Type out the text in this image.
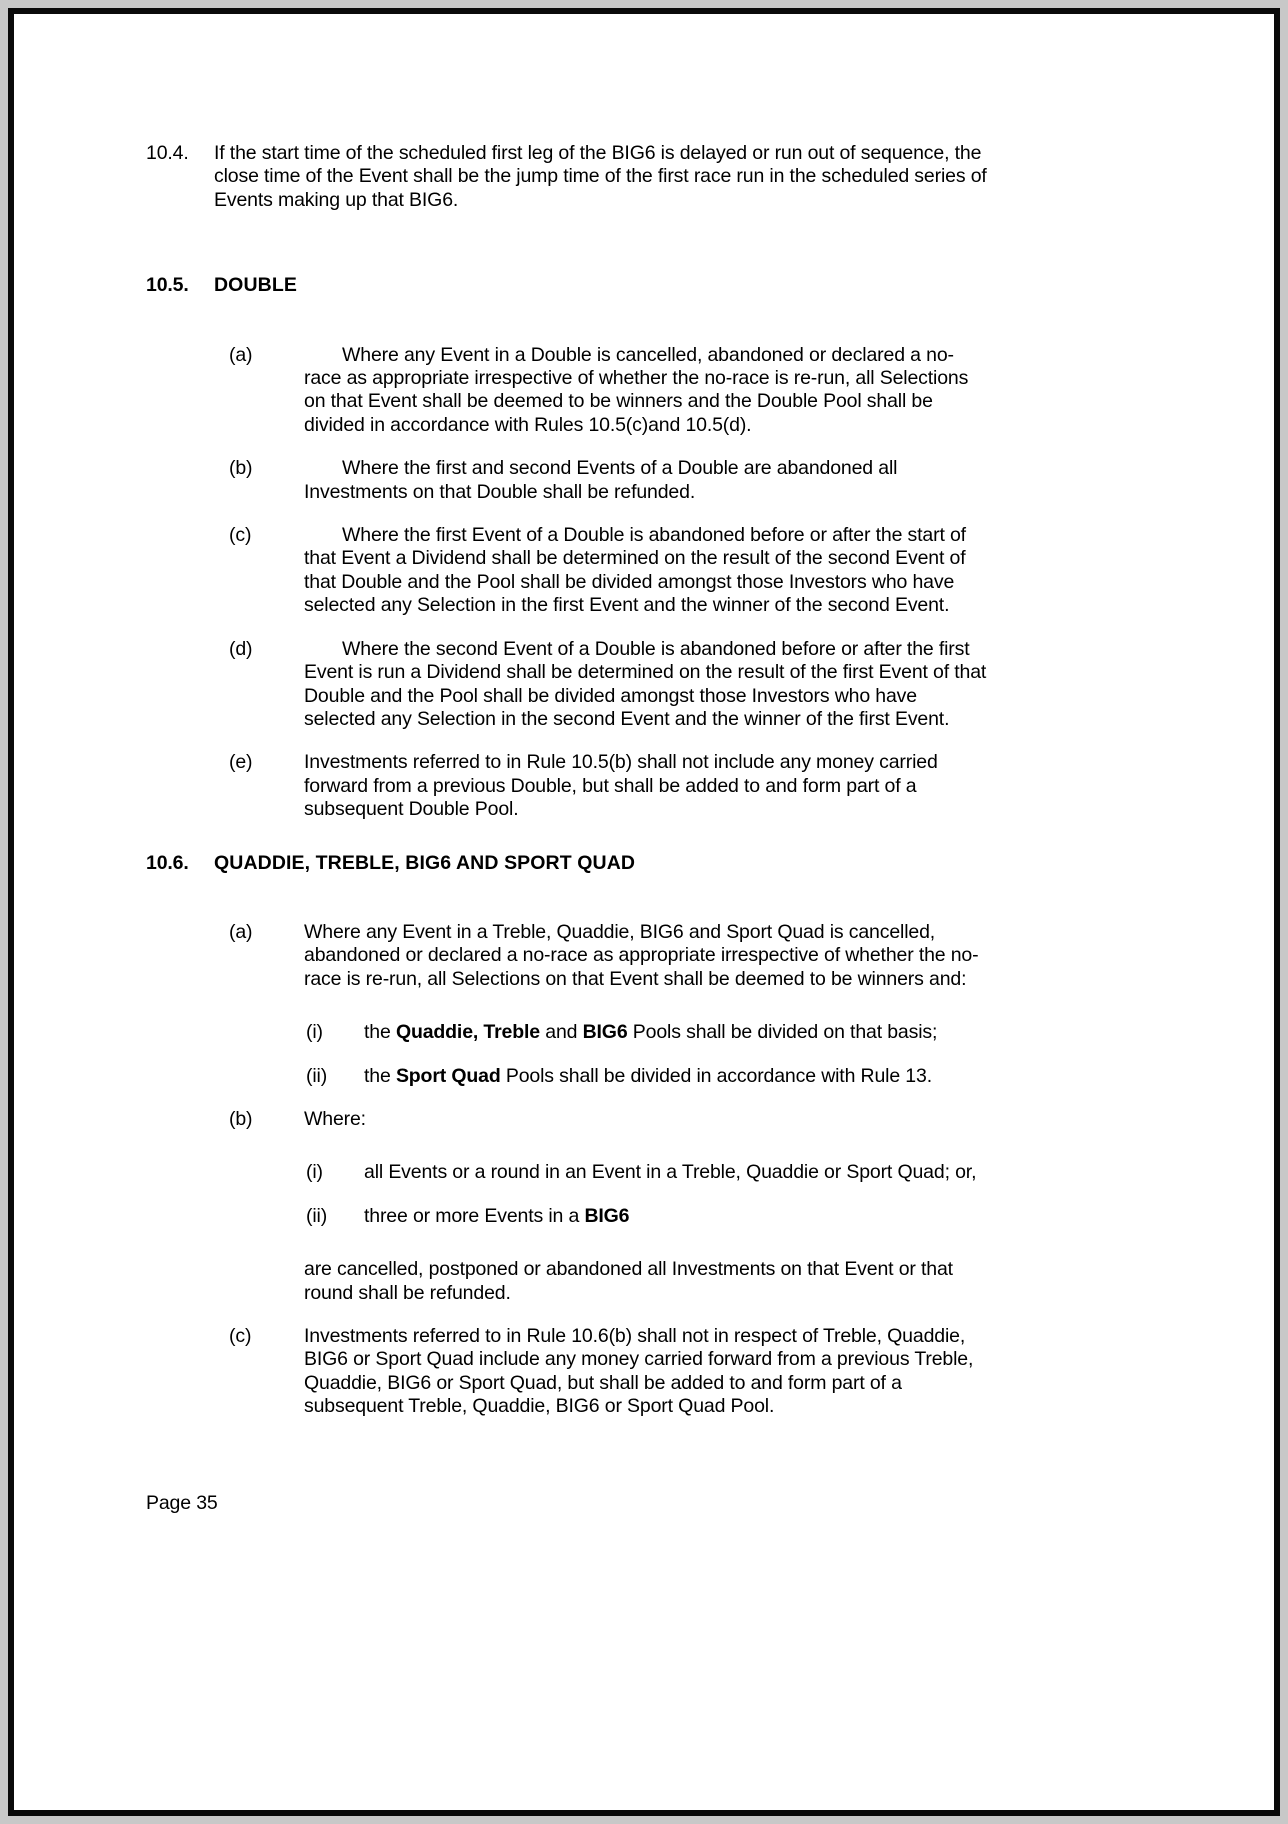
10.4.	If the start time of the scheduled first leg of the BIG6 is delayed or run out of sequence, the close time of the Event shall be the jump time of the first race run in the scheduled series of Events making up that BIG6.
10.5.	DOUBLE
(a)	Where any Event in a Double is cancelled, abandoned or declared a no-race as appropriate irrespective of whether the no-race is re-run, all Selections on that Event shall be deemed to be winners and the Double Pool shall be divided in accordance with Rules 10.5(c)and 10.5(d).
(b)	Where the first and second Events of a Double are abandoned all Investments on that Double shall be refunded.
(c)	Where the first Event of a Double is abandoned before or after the start of that Event a Dividend shall be determined on the result of the second Event of that Double and the Pool shall be divided amongst those Investors who have selected any Selection in the first Event and the winner of the second Event.
(d)	Where the second Event of a Double is abandoned before or after the first Event is run a Dividend shall be determined on the result of the first Event of that Double and the Pool shall be divided amongst those Investors who have selected any Selection in the second Event and the winner of the first Event.
(e)	Investments referred to in Rule 10.5(b) shall not include any money carried forward from a previous Double, but shall be added to and form part of a subsequent Double Pool.
10.6.	QUADDIE, TREBLE, BIG6 AND SPORT QUAD
(a)	Where any Event in a Treble, Quaddie, BIG6 and Sport Quad is cancelled, abandoned or declared a no-race as appropriate irrespective of whether the no-race is re-run, all Selections on that Event shall be deemed to be winners and:
(i)	the Quaddie, Treble and BIG6 Pools shall be divided on that basis;
(ii)	the Sport Quad Pools shall be divided in accordance with Rule 13.
(b)	Where:
(i)	all Events or a round in an Event in a Treble, Quaddie or Sport Quad; or,
(ii)	three or more Events in a BIG6
are cancelled, postponed or abandoned all Investments on that Event or that round shall be refunded.
(c)	Investments referred to in Rule 10.6(b) shall not in respect of Treble, Quaddie, BIG6 or Sport Quad include any money carried forward from a previous Treble, Quaddie, BIG6 or Sport Quad, but shall be added to and form part of a subsequent Treble, Quaddie, BIG6 or Sport Quad Pool.
Page 35
